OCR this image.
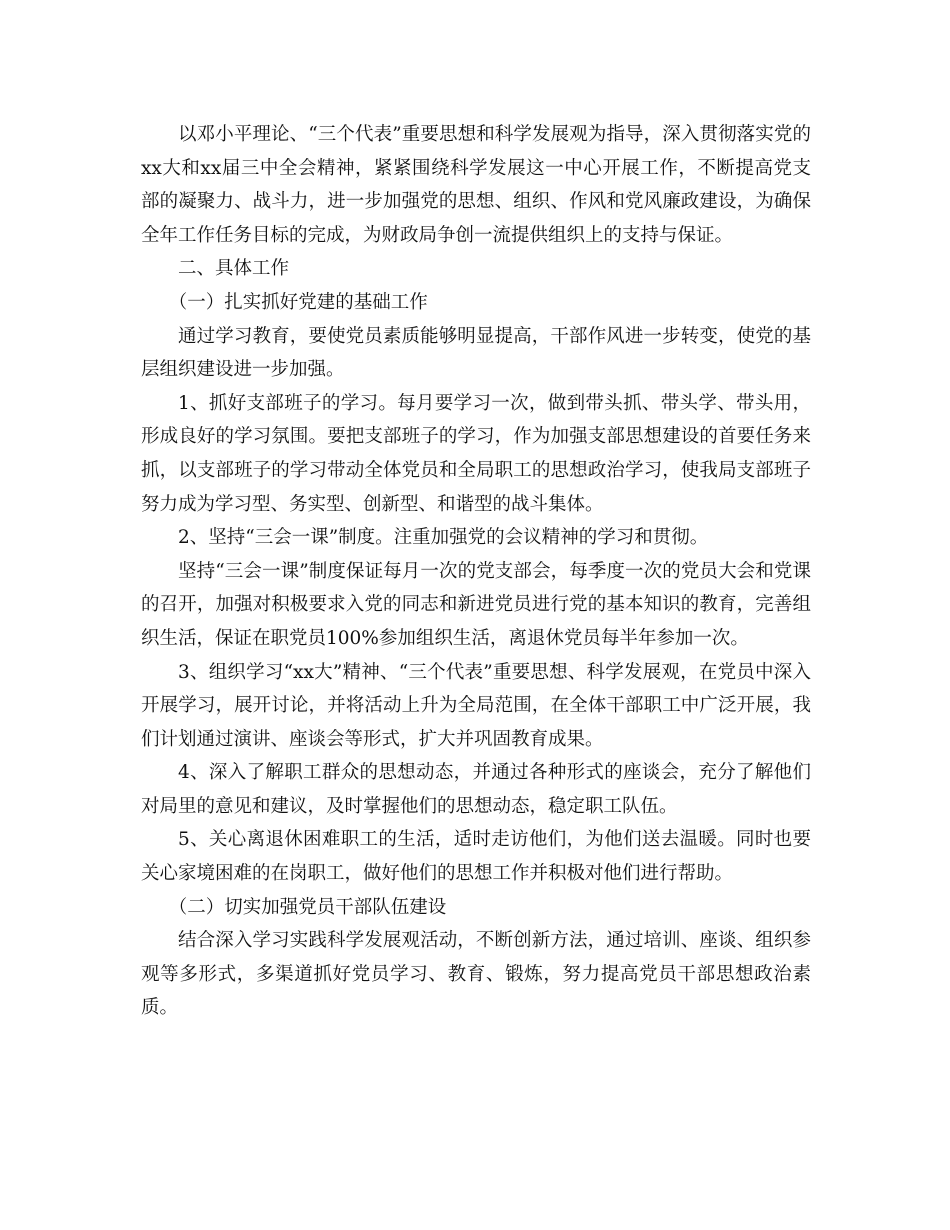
以邓小平理论、“三个代表”重要思想和科学发展观为指导，深入贯彻落实党的xx大和xx届三中全会精神，紧紧围绕科学发展这一中心开展工作，不断提高党支部的凝聚力、战斗力，进一步加强党的思想、组织、作风和党风廉政建设，为确保全年工作任务目标的完成，为财政局争创一流提供组织上的支持与保证。

二、具体工作

（一）扎实抓好党建的基础工作

通过学习教育，要使党员素质能够明显提高，干部作风进一步转变，使党的基层组织建设进一步加强。

1、抓好支部班子的学习。每月要学习一次，做到带头抓、带头学、带头用，形成良好的学习氛围。要把支部班子的学习，作为加强支部思想建设的首要任务来抓，以支部班子的学习带动全体党员和全局职工的思想政治学习，使我局支部班子努力成为学习型、务实型、创新型、和谐型的战斗集体。

2、坚持“三会一课”制度。注重加强党的会议精神的学习和贯彻。

坚持“三会一课”制度保证每月一次的党支部会，每季度一次的党员大会和党课的召开，加强对积极要求入党的同志和新进党员进行党的基本知识的教育，完善组织生活，保证在职党员100%参加组织生活，离退休党员每半年参加一次。

3、组织学习“xx大”精神、“三个代表”重要思想、科学发展观，在党员中深入开展学习，展开讨论，并将活动上升为全局范围，在全体干部职工中广泛开展，我们计划通过演讲、座谈会等形式，扩大并巩固教育成果。

4、深入了解职工群众的思想动态，并通过各种形式的座谈会，充分了解他们对局里的意见和建议，及时掌握他们的思想动态，稳定职工队伍。

5、关心离退休困难职工的生活，适时走访他们，为他们送去温暖。同时也要关心家境困难的在岗职工，做好他们的思想工作并积极对他们进行帮助。

（二）切实加强党员干部队伍建设

结合深入学习实践科学发展观活动，不断创新方法，通过培训、座谈、组织参观等多形式，多渠道抓好党员学习、教育、锻炼，努力提高党员干部思想政治素质。
